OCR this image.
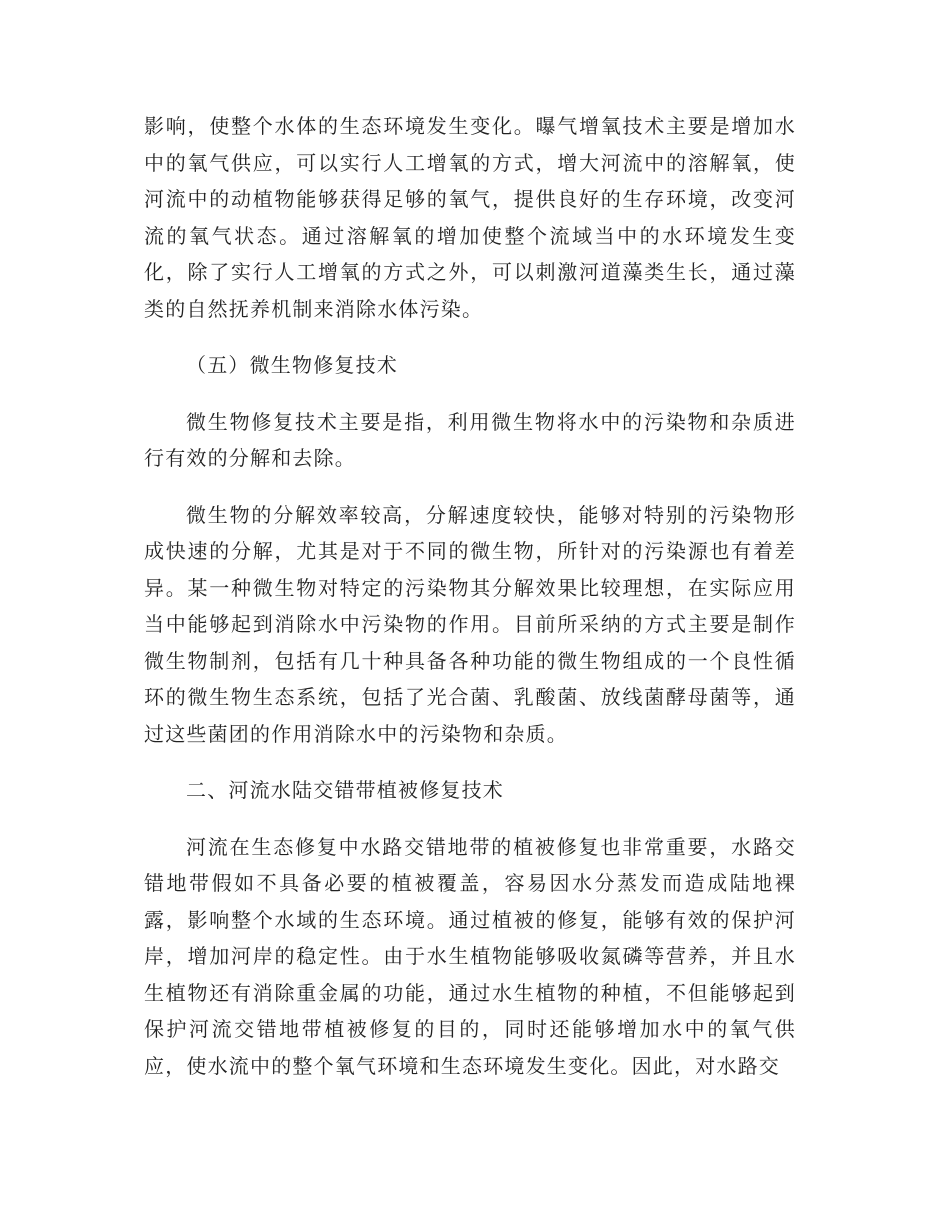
影响，使整个水体的生态环境发生变化。曝气增氧技术主要是增加水中的氧气供应，可以实行人工增氧的方式，增大河流中的溶解氧，使河流中的动植物能够获得足够的氧气，提供良好的生存环境，改变河流的氧气状态。通过溶解氧的增加使整个流域当中的水环境发生变化，除了实行人工增氧的方式之外，可以刺激河道藻类生长，通过藻类的自然抚养机制来消除水体污染。

（五）微生物修复技术

微生物修复技术主要是指，利用微生物将水中的污染物和杂质进行有效的分解和去除。

微生物的分解效率较高，分解速度较快，能够对特别的污染物形成快速的分解，尤其是对于不同的微生物，所针对的污染源也有着差异。某一种微生物对特定的污染物其分解效果比较理想，在实际应用当中能够起到消除水中污染物的作用。目前所采纳的方式主要是制作微生物制剂，包括有几十种具备各种功能的微生物组成的一个良性循环的微生物生态系统，包括了光合菌、乳酸菌、放线菌酵母菌等，通过这些菌团的作用消除水中的污染物和杂质。

二、河流水陆交错带植被修复技术

河流在生态修复中水路交错地带的植被修复也非常重要，水路交错地带假如不具备必要的植被覆盖，容易因水分蒸发而造成陆地裸露，影响整个水域的生态环境。通过植被的修复，能够有效的保护河岸，增加河岸的稳定性。由于水生植物能够吸收氮磷等营养，并且水生植物还有消除重金属的功能，通过水生植物的种植，不但能够起到保护河流交错地带植被修复的目的，同时还能够增加水中的氧气供应，使水流中的整个氧气环境和生态环境发生变化。因此，对水路交
